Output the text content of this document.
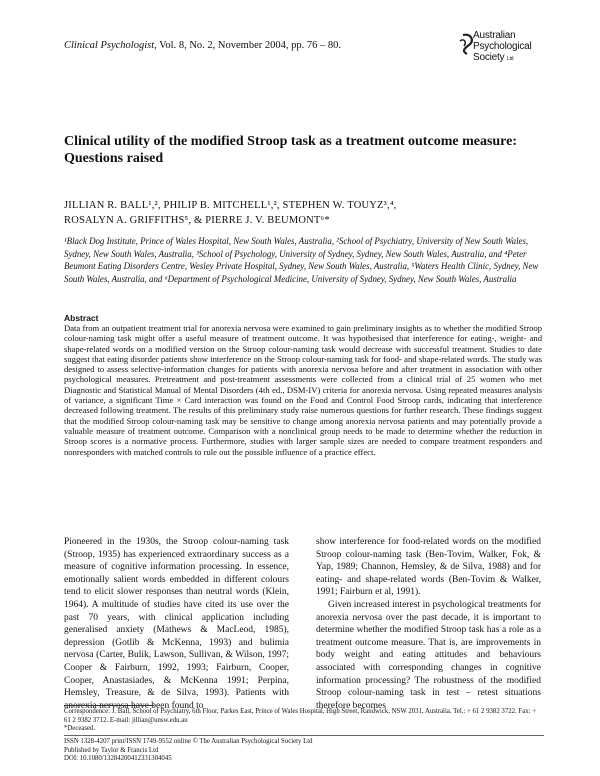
Clinical Psychologist, Vol. 8, No. 2, November 2004, pp. 76 – 80.
Australian
Psychological
Society Ltd
Clinical utility of the modified Stroop task as a treatment outcome measure: Questions raised
JILLIAN R. BALL¹,², PHILIP B. MITCHELL¹,², STEPHEN W. TOUYZ³,⁴,
ROSALYN A. GRIFFITHS⁵, & PIERRE J. V. BEUMONT⁶*
¹Black Dog Institute, Prince of Wales Hospital, New South Wales, Australia, ²School of Psychiatry, University of New South Wales, Sydney, New South Wales, Australia, ³School of Psychology, University of Sydney, Sydney, New South Wales, Australia, and ⁴Peter Beumont Eating Disorders Centre, Wesley Private Hospital, Sydney, New South Wales, Australia, ⁵Waters Health Clinic, Sydney, New South Wales, Australia, and ⁶Department of Psychological Medicine, University of Sydney, Sydney, New South Wales, Australia
Abstract
Data from an outpatient treatment trial for anorexia nervosa were examined to gain preliminary insights as to whether the modified Stroop colour-naming task might offer a useful measure of treatment outcome. It was hypothesised that interference for eating-, weight- and shape-related words on a modified version on the Stroop colour-naming task would decrease with successful treatment. Studies to date suggest that eating disorder patients show interference on the Stroop colour-naming task for food- and shape-related words. The study was designed to assess selective-information changes for patients with anorexia nervosa before and after treatment in association with other psychological measures. Pretreatment and post-treatment assessments were collected from a clinical trial of 25 women who met Diagnostic and Statistical Manual of Mental Disorders (4th ed., DSM-IV) criteria for anorexia nervosa. Using repeated measures analysis of variance, a significant Time × Card interaction was found on the Food and Control Food Stroop cards, indicating that interference decreased following treatment. The results of this preliminary study raise numerous questions for further research. These findings suggest that the modified Stroop colour-naming task may be sensitive to change among anorexia nervosa patients and may potentially provide a valuable measure of treatment outcome. Comparison with a nonclinical group needs to be made to determine whether the reduction in Stroop scores is a normative process. Furthermore, studies with larger sample sizes are needed to compare treatment responders and nonresponders with matched controls to rule out the possible influence of a practice effect.

Pioneered in the 1930s, the Stroop colour-naming task (Stroop, 1935) has experienced extraordinary success as a measure of cognitive information processing. In essence, emotionally salient words embedded in different colours tend to elicit slower responses than neutral words (Klein, 1964). A multitude of studies have cited its use over the past 70 years, with clinical application including generalised anxiety (Mathews & MacLeod, 1985), depression (Gotlib & McKenna, 1993) and bulimia nervosa (Carter, Bulik, Lawson, Sullivan, & Wilson, 1997; Cooper & Fairburn, 1992, 1993; Fairburn, Cooper, Cooper, Anastasiades, & McKenna 1991; Perpina, Hemsley, Treasure, & de Silva, 1993). Patients with anorexia nervosa have been found to

show interference for food-related words on the modified Stroop colour-naming task (Ben-Tovim, Walker, Fok, & Yap, 1989; Channon, Hemsley, & de Silva, 1988) and for eating- and shape-related words (Ben-Tovim & Walker, 1991; Fairburn et al, 1991).

Given increased interest in psychological treatments for anorexia nervosa over the past decade, it is important to determine whether the modified Stroop task has a role as a treatment outcome measure. That is, are improvements in body weight and eating attitudes and behaviours associated with corresponding changes in cognitive information processing? The robustness of the modified Stroop colour-naming task in test – retest situations therefore becomes

Correspondence: J. Ball, School of Psychiatry, 6th Floor, Parkes East, Prince of Wales Hospital, High Street, Randwick, NSW 2031, Australia. Tel.: + 61 2 9382 3722. Fax: + 61 2 9382 3712. E-mail: jillian@unsw.edu.au
*Deceased.
ISSN 1328-4207 print/ISSN 1749-9552 online © The Australian Psychological Society Ltd
Published by Taylor & Francis Ltd
DOI: 10.1080/13284200412331304045
